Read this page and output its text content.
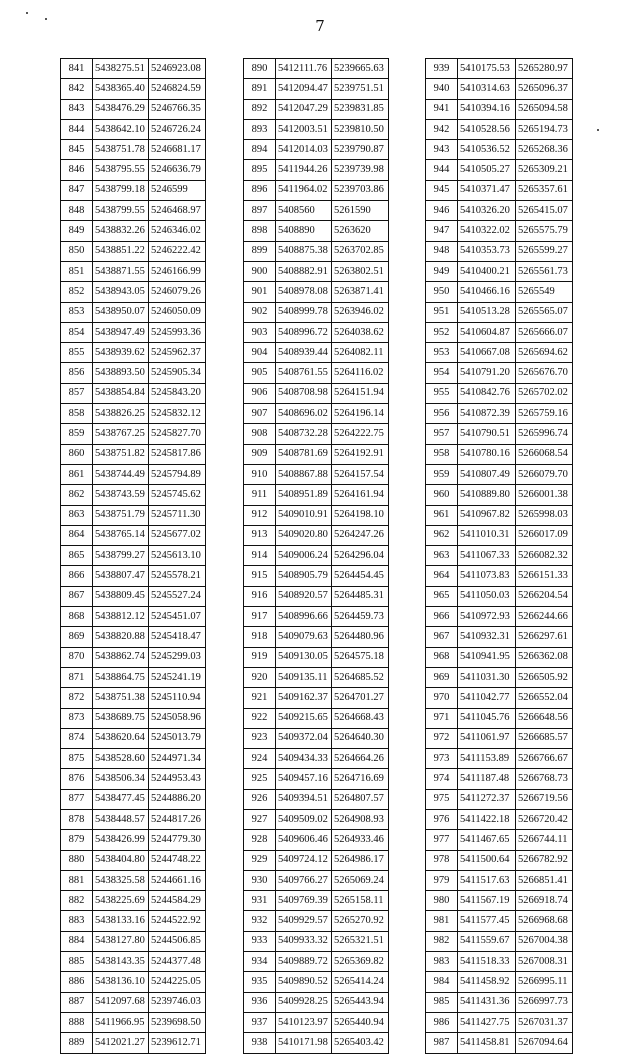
7
841	5438275.51	5246923.08
842	5438365.40	5246824.59
843	5438476.29	5246766.35
844	5438642.10	5246726.24
845	5438751.78	5246681.17
846	5438795.55	5246636.79
847	5438799.18	5246599
848	5438799.55	5246468.97
849	5438832.26	5246346.02
850	5438851.22	5246222.42
851	5438871.55	5246166.99
852	5438943.05	5246079.26
853	5438950.07	5246050.09
854	5438947.49	5245993.36
855	5438939.62	5245962.37
856	5438893.50	5245905.34
857	5438854.84	5245843.20
858	5438826.25	5245832.12
859	5438767.25	5245827.70
860	5438751.82	5245817.86
861	5438744.49	5245794.89
862	5438743.59	5245745.62
863	5438751.79	5245711.30
864	5438765.14	5245677.02
865	5438799.27	5245613.10
866	5438807.47	5245578.21
867	5438809.45	5245527.24
868	5438812.12	5245451.07
869	5438820.88	5245418.47
870	5438862.74	5245299.03
871	5438864.75	5245241.19
872	5438751.38	5245110.94
873	5438689.75	5245058.96
874	5438620.64	5245013.79
875	5438528.60	5244971.34
876	5438506.34	5244953.43
877	5438477.45	5244886.20
878	5438448.57	5244817.26
879	5438426.99	5244779.30
880	5438404.80	5244748.22
881	5438325.58	5244661.16
882	5438225.69	5244584.29
883	5438133.16	5244522.92
884	5438127.80	5244506.85
885	5438143.35	5244377.48
886	5438136.10	5244225.05
887	5412097.68	5239746.03
888	5411966.95	5239698.50
889	5412021.27	5239612.71
890	5412111.76	5239665.63
891	5412094.47	5239751.51
892	5412047.29	5239831.85
893	5412003.51	5239810.50
894	5412014.03	5239790.87
895	5411944.26	5239739.98
896	5411964.02	5239703.86
897	5408560	5261590
898	5408890	5263620
899	5408875.38	5263702.85
900	5408882.91	5263802.51
901	5408978.08	5263871.41
902	5408999.78	5263946.02
903	5408996.72	5264038.62
904	5408939.44	5264082.11
905	5408761.55	5264116.02
906	5408708.98	5264151.94
907	5408696.02	5264196.14
908	5408732.28	5264222.75
909	5408781.69	5264192.91
910	5408867.88	5264157.54
911	5408951.89	5264161.94
912	5409010.91	5264198.10
913	5409020.80	5264247.26
914	5409006.24	5264296.04
915	5408905.79	5264454.45
916	5408920.57	5264485.31
917	5408996.66	5264459.73
918	5409079.63	5264480.96
919	5409130.05	5264575.18
920	5409135.11	5264685.52
921	5409162.37	5264701.27
922	5409215.65	5264668.43
923	5409372.04	5264640.30
924	5409434.33	5264664.26
925	5409457.16	5264716.69
926	5409394.51	5264807.57
927	5409509.02	5264908.93
928	5409606.46	5264933.46
929	5409724.12	5264986.17
930	5409766.27	5265069.24
931	5409769.39	5265158.11
932	5409929.57	5265270.92
933	5409933.32	5265321.51
934	5409889.72	5265369.82
935	5409890.52	5265414.24
936	5409928.25	5265443.94
937	5410123.97	5265440.94
938	5410171.98	5265403.42
939	5410175.53	5265280.97
940	5410314.63	5265096.37
941	5410394.16	5265094.58
942	5410528.56	5265194.73
943	5410536.52	5265268.36
944	5410505.27	5265309.21
945	5410371.47	5265357.61
946	5410326.20	5265415.07
947	5410322.02	5265575.79
948	5410353.73	5265599.27
949	5410400.21	5265561.73
950	5410466.16	5265549
951	5410513.28	5265565.07
952	5410604.87	5265666.07
953	5410667.08	5265694.62
954	5410791.20	5265676.70
955	5410842.76	5265702.02
956	5410872.39	5265759.16
957	5410790.51	5265996.74
958	5410780.16	5266068.54
959	5410807.49	5266079.70
960	5410889.80	5266001.38
961	5410967.82	5265998.03
962	5411010.31	5266017.09
963	5411067.33	5266082.32
964	5411073.83	5266151.33
965	5411050.03	5266204.54
966	5410972.93	5266244.66
967	5410932.31	5266297.61
968	5410941.95	5266362.08
969	5411031.30	5266505.92
970	5411042.77	5266552.04
971	5411045.76	5266648.56
972	5411061.97	5266685.57
973	5411153.89	5266766.67
974	5411187.48	5266768.73
975	5411272.37	5266719.56
976	5411422.18	5266720.42
977	5411467.65	5266744.11
978	5411500.64	5266782.92
979	5411517.63	5266851.41
980	5411567.19	5266918.74
981	5411577.45	5266968.68
982	5411559.67	5267004.38
983	5411518.33	5267008.31
984	5411458.92	5266995.11
985	5411431.36	5266997.73
986	5411427.75	5267031.37
987	5411458.81	5267094.64
